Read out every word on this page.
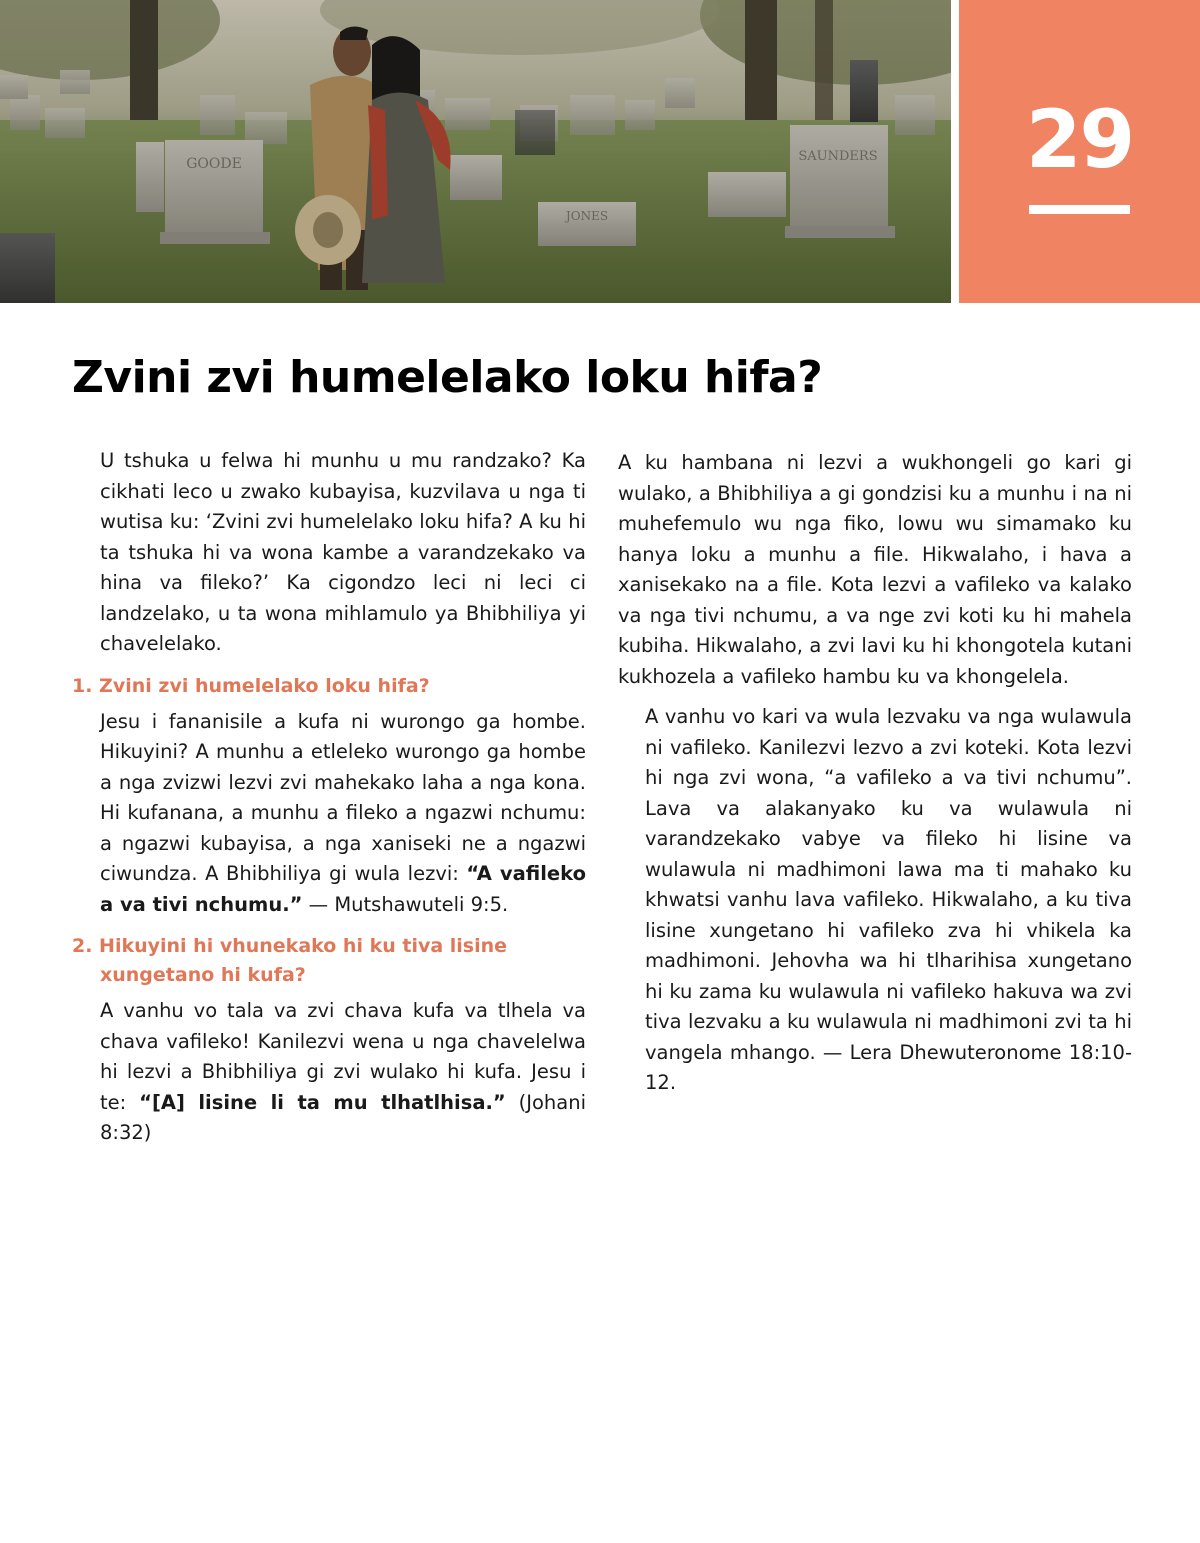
GOODE
JONES
SAUNDERS	29
Zvini zvi humelelako loku hifa?

U tshuka u felwa hi munhu u mu randzako? Ka cikhati leco u zwako kubayisa, kuzvilava u nga ti wutisa ku: ‘Zvini zvi humelelako loku hifa? A ku hi ta tshuka hi va wona kambe a varandzekako va hina va fileko?’ Ka cigondzo leci ni leci ci landzelako, u ta wona mihlamulo ya Bhibhiliya yi chavelelako.

1. Zvini zvi humelelako loku hifa?

Jesu i fananisile a kufa ni wurongo ga hombe. Hikuyini? A munhu a etleleko wurongo ga hombe a nga zvizwi lezvi zvi mahekako laha a nga kona. Hi kufanana, a munhu a fileko a ngazwi nchumu: a ngazwi kubayisa, a nga xaniseki ne a ngazwi ciwundza. A Bhibhiliya gi wula lezvi: “A vafileko a va tivi nchumu.” — Mutshawuteli 9:5.

2. Hikuyini hi vhunekako hi ku tiva lisine xungetano hi kufa?

A vanhu vo tala va zvi chava kufa va tlhela va chava vafileko! Kanilezvi wena u nga chavelelwa hi lezvi a Bhibhiliya gi zvi wulako hi kufa. Jesu i te: “[A] lisine li ta mu tlhatlhisa.” (Johani 8:32)

A ku hambana ni lezvi a wukhongeli go kari gi wulako, a Bhibhiliya a gi gondzisi ku a munhu i na ni muhefemulo wu nga fiko, lowu wu simamako ku hanya loku a munhu a file. Hikwalaho, i hava a xanisekako na a file. Kota lezvi a vafileko va kalako va nga tivi nchumu, a va nge zvi koti ku hi mahela kubiha. Hikwalaho, a zvi lavi ku hi khongotela kutani kukhozela a vafileko hambu ku va khongelela.

A vanhu vo kari va wula lezvaku va nga wulawula ni vafileko. Kanilezvi lezvo a zvi koteki. Kota lezvi hi nga zvi wona, “a vafileko a va tivi nchumu”. Lava va alakanyako ku va wulawula ni varandzekako vabye va fileko hi lisine va wulawula ni madhimoni lawa ma ti mahako ku khwatsi vanhu lava vafileko. Hikwalaho, a ku tiva lisine xungetano hi vafileko zva hi vhikela ka madhimoni. Jehovha wa hi tlharihisa xungetano hi ku zama ku wulawula ni vafileko hakuva wa zvi tiva lezvaku a ku wulawula ni madhimoni zvi ta hi vangela mhango. — Lera Dhewuteronome 18:10-12.
